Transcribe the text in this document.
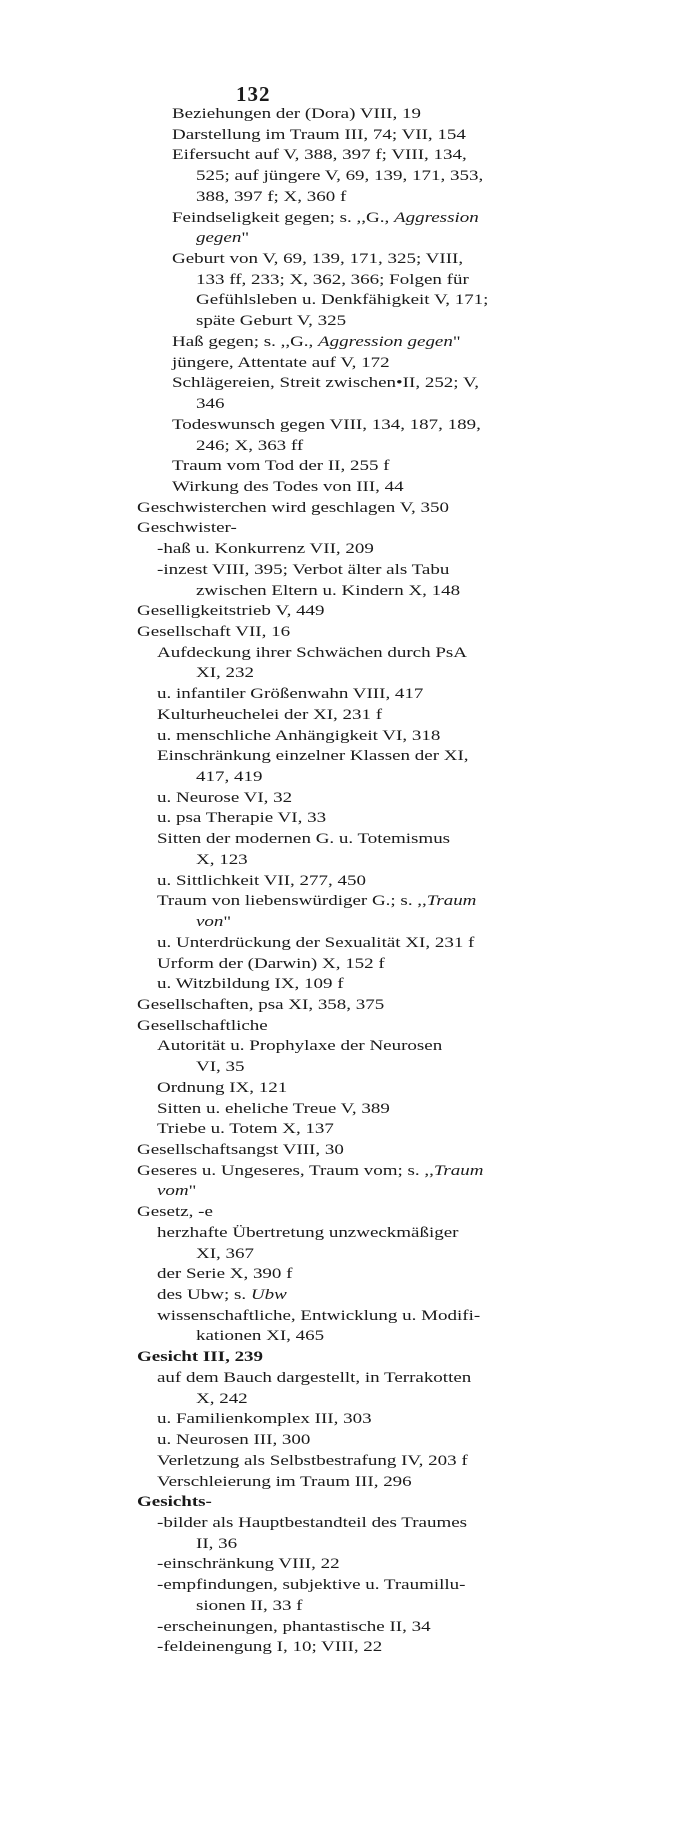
132
Beziehungen der (Dora) VIII, 19
Darstellung im Traum III, 74; VII, 154
Eifersucht auf V, 388, 397 f; VIII, 134,
525; auf jüngere V, 69, 139, 171, 353,
388, 397 f; X, 360 f
Feindseligkeit gegen; s. ,,G., Aggression
gegen"
Geburt von V, 69, 139, 171, 325; VIII,
133 ff, 233; X, 362, 366; Folgen für
Gefühlsleben u. Denkfähigkeit V, 171;
späte Geburt V, 325
Haß gegen; s. ,,G., Aggression gegen"
jüngere, Attentate auf V, 172
Schlägereien, Streit zwischen•II, 252; V,
346
Todeswunsch gegen VIII, 134, 187, 189,
246; X, 363 ff
Traum vom Tod der II, 255 f
Wirkung des Todes von III, 44
Geschwisterchen wird geschlagen V, 350
Geschwister-
-haß u. Konkurrenz VII, 209
-inzest VIII, 395; Verbot älter als Tabu
zwischen Eltern u. Kindern X, 148
Geselligkeitstrieb V, 449
Gesellschaft VII, 16
Aufdeckung ihrer Schwächen durch PsA
XI, 232
u. infantiler Größenwahn VIII, 417
Kulturheuchelei der XI, 231 f
u. menschliche Anhängigkeit VI, 318
Einschränkung einzelner Klassen der XI,
417, 419
u. Neurose VI, 32
u. psa Therapie VI, 33
Sitten der modernen G. u. Totemismus
X, 123
u. Sittlichkeit VII, 277, 450
Traum von liebenswürdiger G.; s. ,,Traum
von"
u. Unterdrückung der Sexualität XI, 231 f
Urform der (Darwin) X, 152 f
u. Witzbildung IX, 109 f
Gesellschaften, psa XI, 358, 375
Gesellschaftliche
Autorität u. Prophylaxe der Neurosen
VI, 35
Ordnung IX, 121
Sitten u. eheliche Treue V, 389
Triebe u. Totem X, 137
Gesellschaftsangst VIII, 30
Geseres u. Ungeseres, Traum vom; s. ,,Traum
vom"
Gesetz, -e
herzhafte Übertretung unzweckmäßiger
XI, 367
der Serie X, 390 f
des Ubw; s. Ubw
wissenschaftliche, Entwicklung u. Modifi-
kationen XI, 465
Gesicht III, 239
auf dem Bauch dargestellt, in Terrakotten
X, 242
u. Familienkomplex III, 303
u. Neurosen III, 300
Verletzung als Selbstbestrafung IV, 203 f
Verschleierung im Traum III, 296
Gesichts-
-bilder als Hauptbestandteil des Traumes
II, 36
-einschränkung VIII, 22
-empfindungen, subjektive u. Traumillu-
sionen II, 33 f
-erscheinungen, phantastische II, 34
-feldeinengung I, 10; VIII, 22
